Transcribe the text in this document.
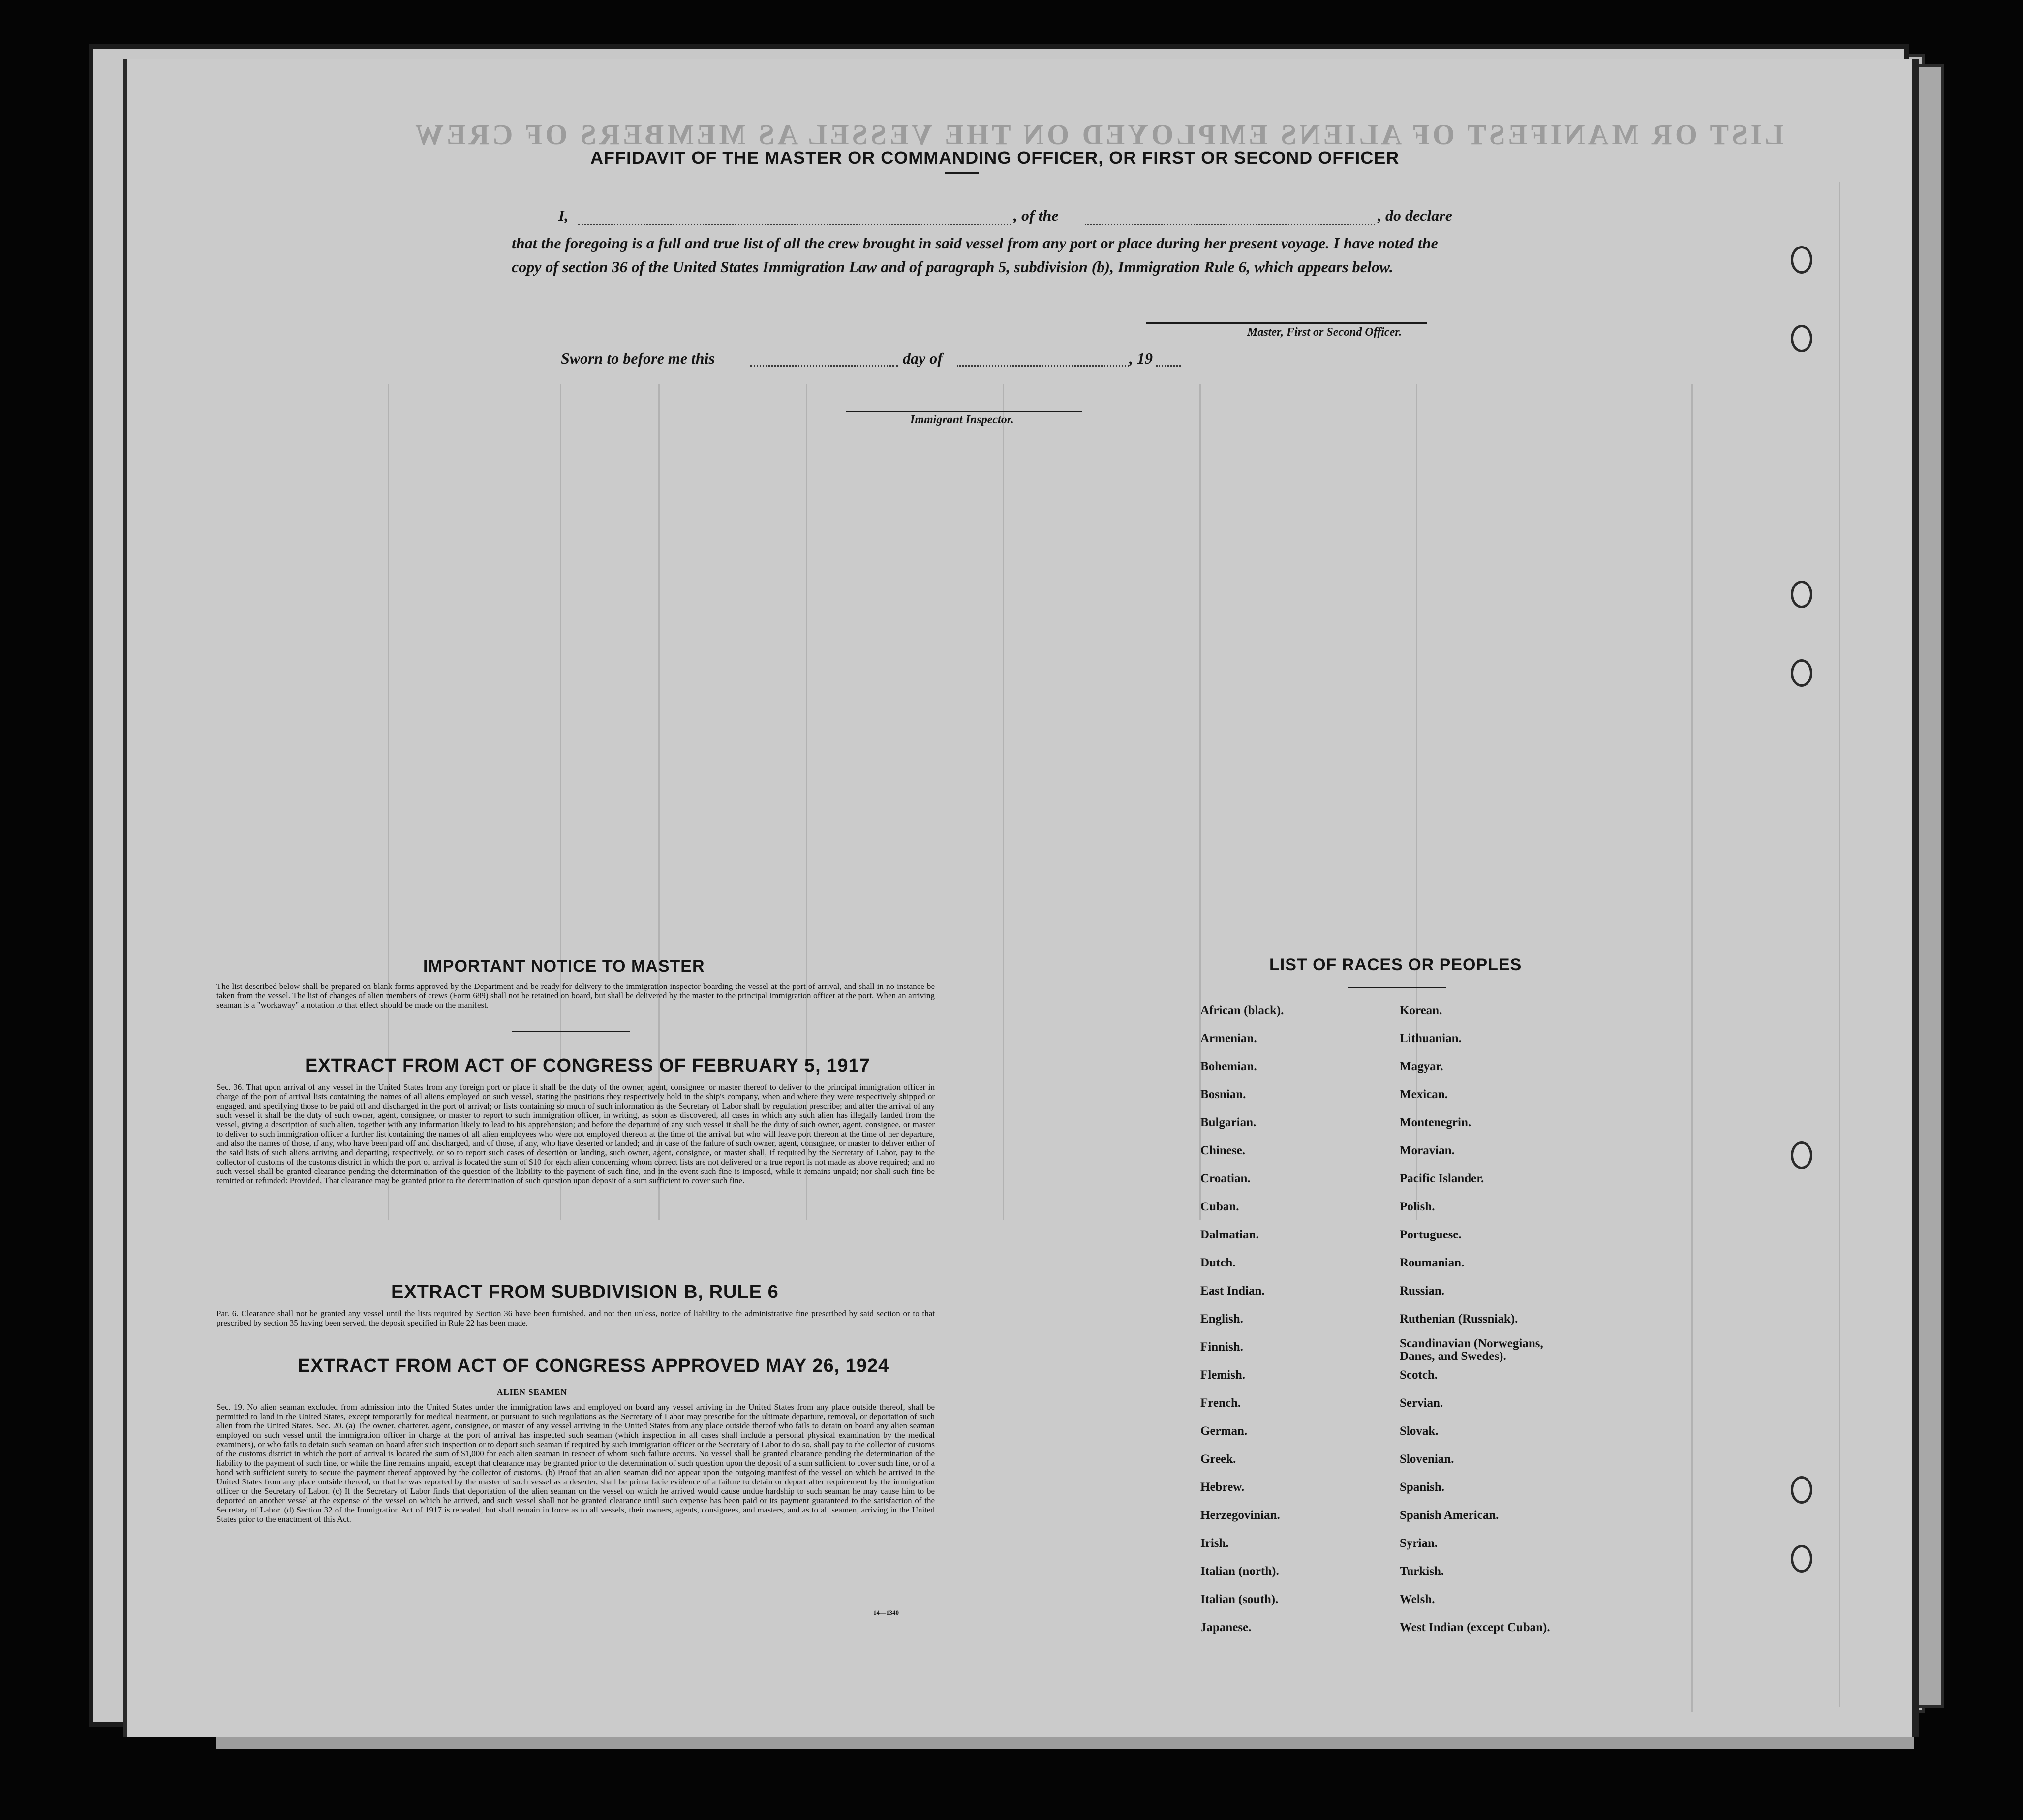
LIST OR MANIFEST OF ALIENS EMPLOYED ON THE VESSEL AS MEMBERS OF CREW
AFFIDAVIT OF THE MASTER OR COMMANDING OFFICER, OR FIRST OR SECOND OFFICER
I,	, of the	, do declare
that the foregoing is a full and true list of all the crew brought in said vessel from any port or place during her present voyage. I have noted the copy of section 36 of the United States Immigration Law and of paragraph 5, subdivision (b), Immigration Rule 6, which appears below.
Master, First or Second Officer.
Sworn to before me this	day of	, 19
Immigrant Inspector.
IMPORTANT NOTICE TO MASTER
The list described below shall be prepared on blank forms approved by the Department and be ready for delivery to the immigration inspector boarding the vessel at the port of arrival, and shall in no instance be taken from the vessel. The list of changes of alien members of crews (Form 689) shall not be retained on board, but shall be delivered by the master to the principal immigration officer at the port. When an arriving seaman is a "workaway" a notation to that effect should be made on the manifest.
EXTRACT FROM ACT OF CONGRESS OF FEBRUARY 5, 1917
Sec. 36. That upon arrival of any vessel in the United States from any foreign port or place it shall be the duty of the owner, agent, consignee, or master thereof to deliver to the principal immigration officer in charge of the port of arrival lists containing the names of all aliens employed on such vessel, stating the positions they respectively hold in the ship's company, when and where they were respectively shipped or engaged, and specifying those to be paid off and discharged in the port of arrival; or lists containing so much of such information as the Secretary of Labor shall by regulation prescribe; and after the arrival of any such vessel it shall be the duty of such owner, agent, consignee, or master to report to such immigration officer, in writing, as soon as discovered, all cases in which any such alien has illegally landed from the vessel, giving a description of such alien, together with any information likely to lead to his apprehension; and before the departure of any such vessel it shall be the duty of such owner, agent, consignee, or master to deliver to such immigration officer a further list containing the names of all alien employees who were not employed thereon at the time of the arrival but who will leave port thereon at the time of her departure, and also the names of those, if any, who have been paid off and discharged, and of those, if any, who have deserted or landed; and in case of the failure of such owner, agent, consignee, or master to deliver either of the said lists of such aliens arriving and departing, respectively, or so to report such cases of desertion or landing, such owner, agent, consignee, or master shall, if required by the Secretary of Labor, pay to the collector of customs of the customs district in which the port of arrival is located the sum of $10 for each alien concerning whom correct lists are not delivered or a true report is not made as above required; and no such vessel shall be granted clearance pending the determination of the question of the liability to the payment of such fine, and in the event such fine is imposed, while it remains unpaid; nor shall such fine be remitted or refunded: Provided, That clearance may be granted prior to the determination of such question upon deposit of a sum sufficient to cover such fine.
EXTRACT FROM SUBDIVISION B, RULE 6
Par. 6. Clearance shall not be granted any vessel until the lists required by Section 36 have been furnished, and not then unless, notice of liability to the administrative fine prescribed by said section or to that prescribed by section 35 having been served, the deposit specified in Rule 22 has been made.
EXTRACT FROM ACT OF CONGRESS APPROVED MAY 26, 1924
ALIEN SEAMEN
Sec. 19. No alien seaman excluded from admission into the United States under the immigration laws and employed on board any vessel arriving in the United States from any place outside thereof, shall be permitted to land in the United States, except temporarily for medical treatment, or pursuant to such regulations as the Secretary of Labor may prescribe for the ultimate departure, removal, or deportation of such alien from the United States. Sec. 20. (a) The owner, charterer, agent, consignee, or master of any vessel arriving in the United States from any place outside thereof who fails to detain on board any alien seaman employed on such vessel until the immigration officer in charge at the port of arrival has inspected such seaman (which inspection in all cases shall include a personal physical examination by the medical examiners), or who fails to detain such seaman on board after such inspection or to deport such seaman if required by such immigration officer or the Secretary of Labor to do so, shall pay to the collector of customs of the customs district in which the port of arrival is located the sum of $1,000 for each alien seaman in respect of whom such failure occurs. No vessel shall be granted clearance pending the determination of the liability to the payment of such fine, or while the fine remains unpaid, except that clearance may be granted prior to the determination of such question upon the deposit of a sum sufficient to cover such fine, or of a bond with sufficient surety to secure the payment thereof approved by the collector of customs. (b) Proof that an alien seaman did not appear upon the outgoing manifest of the vessel on which he arrived in the United States from any place outside thereof, or that he was reported by the master of such vessel as a deserter, shall be prima facie evidence of a failure to detain or deport after requirement by the immigration officer or the Secretary of Labor. (c) If the Secretary of Labor finds that deportation of the alien seaman on the vessel on which he arrived would cause undue hardship to such seaman he may cause him to be deported on another vessel at the expense of the vessel on which he arrived, and such vessel shall not be granted clearance until such expense has been paid or its payment guaranteed to the satisfaction of the Secretary of Labor. (d) Section 32 of the Immigration Act of 1917 is repealed, but shall remain in force as to all vessels, their owners, agents, consignees, and masters, and as to all seamen, arriving in the United States prior to the enactment of this Act.
14—1340
LIST OF RACES OR PEOPLES
African (black).
Armenian.
Bohemian.
Bosnian.
Bulgarian.
Chinese.
Croatian.
Cuban.
Dalmatian.
Dutch.
East Indian.
English.
Finnish.
Flemish.
French.
German.
Greek.
Hebrew.
Herzegovinian.
Irish.
Italian (north).
Italian (south).
Japanese.
Korean.
Lithuanian.
Magyar.
Mexican.
Montenegrin.
Moravian.
Pacific Islander.
Polish.
Portuguese.
Roumanian.
Russian.
Ruthenian (Russniak).
Scandinavian (Norwegians, Danes, and Swedes).
Scotch.
Servian.
Slovak.
Slovenian.
Spanish.
Spanish American.
Syrian.
Turkish.
Welsh.
West Indian (except Cuban).
